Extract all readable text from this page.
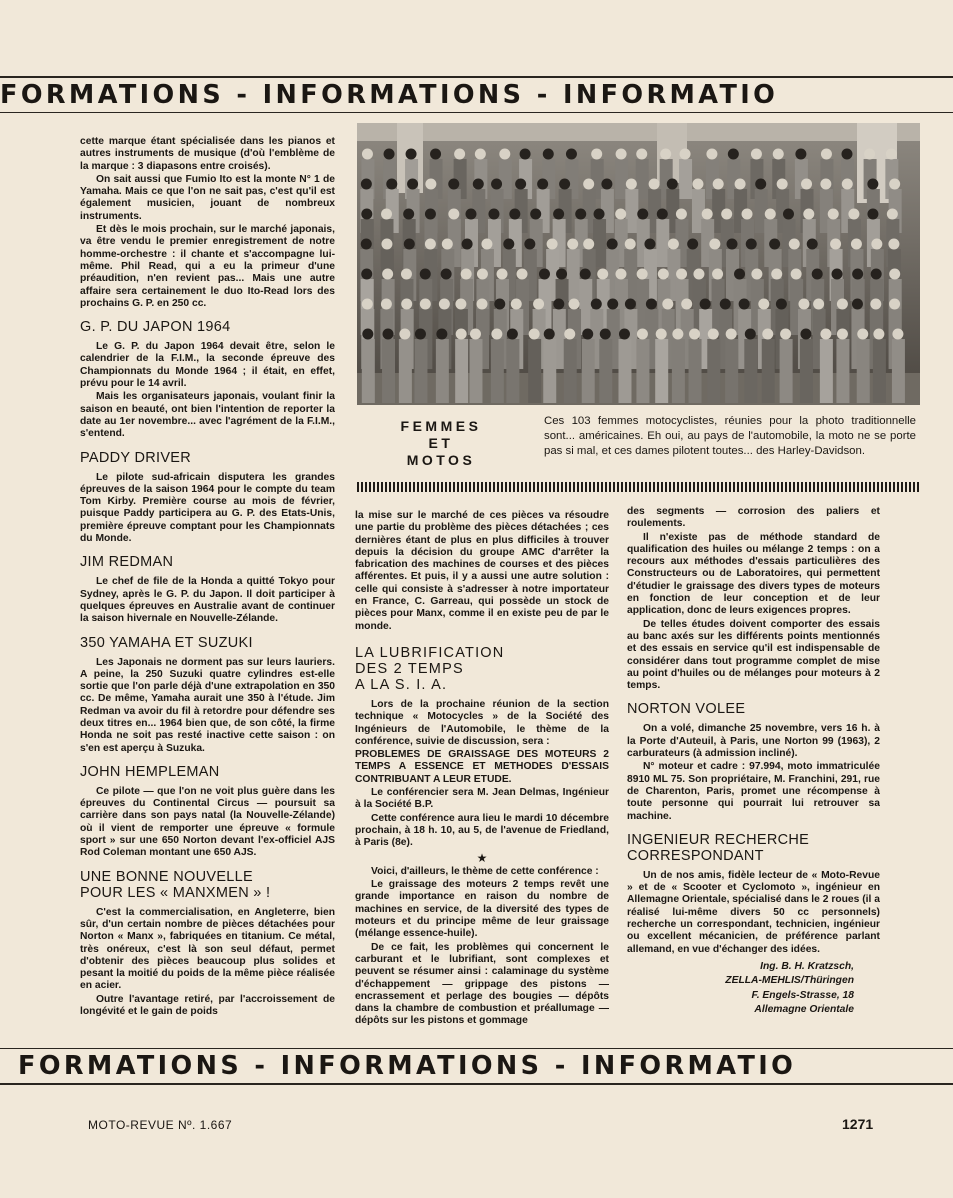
FORMATIONS - INFORMATIONS - INFORMATIO

cette marque étant spécialisée dans les pianos et autres instruments de musique (d'où l'emblème de la marque : 3 diapasons entre croisés).

On sait aussi que Fumio Ito est la monte N° 1 de Yamaha. Mais ce que l'on ne sait pas, c'est qu'il est également musicien, jouant de nombreux instruments.

Et dès le mois prochain, sur le marché japonais, va être vendu le premier enregistrement de notre homme-orchestre : il chante et s'accompagne lui-même. Phil Read, qui a eu la primeur d'une préaudition, n'en revient pas... Mais une autre affaire sera certainement le duo Ito-Read lors des prochains G. P. en 250 cc.

G. P. DU JAPON 1964

Le G. P. du Japon 1964 devait être, selon le calendrier de la F.I.M., la seconde épreuve des Championnats du Monde 1964 ; il était, en effet, prévu pour le 14 avril.

Mais les organisateurs japonais, voulant finir la saison en beauté, ont bien l'intention de reporter la date au 1er novembre... avec l'agrément de la F.I.M., s'entend.

PADDY DRIVER

Le pilote sud-africain disputera les grandes épreuves de la saison 1964 pour le compte du team Tom Kirby. Première course au mois de février, puisque Paddy participera au G. P. des Etats-Unis, première épreuve comptant pour les Championnats du Monde.

JIM REDMAN

Le chef de file de la Honda a quitté Tokyo pour Sydney, après le G. P. du Japon. Il doit participer à quelques épreuves en Australie avant de continuer la saison hivernale en Nouvelle-Zélande.

350 YAMAHA ET SUZUKI

Les Japonais ne dorment pas sur leurs lauriers. A peine, la 250 Suzuki quatre cylindres est-elle sortie que l'on parle déjà d'une extrapolation en 350 cc. De même, Yamaha aurait une 350 à l'étude. Jim Redman va avoir du fil à retordre pour défendre ses deux titres en... 1964 bien que, de son côté, la firme Honda ne soit pas resté inactive cette saison : on s'en est aperçu à Suzuka.

JOHN HEMPLEMAN

Ce pilote — que l'on ne voit plus guère dans les épreuves du Continental Circus — poursuit sa carrière dans son pays natal (la Nouvelle-Zélande) où il vient de remporter une épreuve « formule sport » sur une 650 Norton devant l'ex-officiel AJS Rod Coleman montant une 650 AJS.

UNE BONNE NOUVELLE
POUR LES « MANXMEN » !

C'est la commercialisation, en Angleterre, bien sûr, d'un certain nombre de pièces détachées pour Norton « Manx », fabriquées en titanium. Ce métal, très onéreux, c'est là son seul défaut, permet d'obtenir des pièces beaucoup plus solides et pesant la moitié du poids de la même pièce réalisée en acier.

Outre l'avantage retiré, par l'accroissement de longévité et le gain de poids

FEMMES
ET
MOTOS
Ces 103 femmes motocyclistes, réunies pour la photo traditionnelle sont... américaines. Eh oui, au pays de l'automobile, la moto ne se porte pas si mal, et ces dames pilotent toutes... des Harley-Davidson.

la mise sur le marché de ces pièces va résoudre une partie du problème des pièces détachées ; ces dernières étant de plus en plus difficiles à trouver depuis la décision du groupe AMC d'arrêter la fabrication des machines de courses et des pièces afférentes. Et puis, il y a aussi une autre solution : celle qui consiste à s'adresser à notre importateur en France, C. Garreau, qui possède un stock de pièces pour Manx, comme il en existe peu de par le monde.

LA LUBRIFICATION
DES 2 TEMPS
A LA S. I. A.

Lors de la prochaine réunion de la section technique « Motocycles » de la Société des Ingénieurs de l'Automobile, le thème de la conférence, suivie de discussion, sera :

PROBLEMES DE GRAISSAGE DES MOTEURS 2 TEMPS A ESSENCE ET METHODES D'ESSAIS CONTRIBUANT A LEUR ETUDE.

Le conférencier sera M. Jean Delmas, Ingénieur à la Société B.P.

Cette conférence aura lieu le mardi 10 décembre prochain, à 18 h. 10, au 5, de l'avenue de Friedland, à Paris (8e).

★

Voici, d'ailleurs, le thème de cette conférence :

Le graissage des moteurs 2 temps revêt une grande importance en raison du nombre de machines en service, de la diversité des types de moteurs et du principe même de leur graissage (mélange essence-huile).

De ce fait, les problèmes qui concernent le carburant et le lubrifiant, sont complexes et peuvent se résumer ainsi : calaminage du système d'échappement — grippage des pistons — encrassement et perlage des bougies — dépôts dans la chambre de combustion et préallumage — dépôts sur les pistons et gommage

des segments — corrosion des paliers et roulements.

Il n'existe pas de méthode standard de qualification des huiles ou mélange 2 temps : on a recours aux méthodes d'essais particulières des Constructeurs ou de Laboratoires, qui permettent d'étudier le graissage des divers types de moteurs en fonction de leur conception et de leur application, donc de leurs exigences propres.

De telles études doivent comporter des essais au banc axés sur les différents points mentionnés et des essais en service qu'il est indispensable de considérer dans tout programme complet de mise au point d'huiles ou de mélanges pour moteurs à 2 temps.

NORTON VOLEE

On a volé, dimanche 25 novembre, vers 16 h. à la Porte d'Auteuil, à Paris, une Norton 99 (1963), 2 carburateurs (à admission incliné).

N° moteur et cadre : 97.994, moto immatriculée 8910 ML 75. Son propriétaire, M. Franchini, 291, rue de Charenton, Paris, promet une récompense à toute personne qui pourrait lui retrouver sa machine.

INGENIEUR RECHERCHE
CORRESPONDANT

Un de nos amis, fidèle lecteur de « Moto-Revue » et de « Scooter et Cyclomoto », ingénieur en Allemagne Orientale, spécialisé dans le 2 roues (il a réalisé lui-même divers 50 cc personnels) recherche un correspondant, technicien, ingénieur ou excellent mécanicien, de préférence parlant allemand, en vue d'échanger des idées.

Ing. B. H. Kratzsch,

ZELLA-MEHLIS/Thüringen

F. Engels-Strasse, 18

Allemagne Orientale

FORMATIONS - INFORMATIONS - INFORMATIO
MOTO-REVUE Nº. 1.667	1271
